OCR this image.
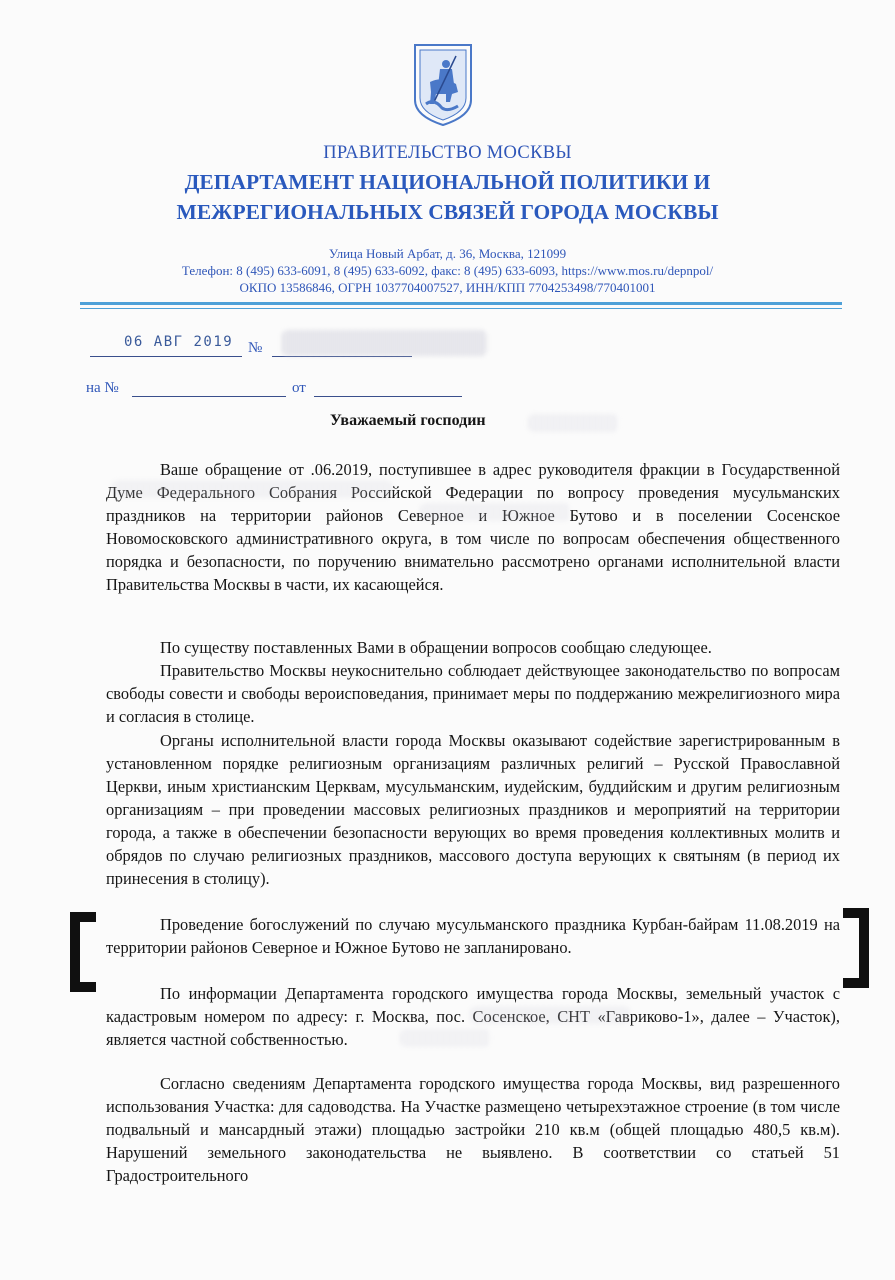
ПРАВИТЕЛЬСТВО МОСКВЫ
ДЕПАРТАМЕНТ НАЦИОНАЛЬНОЙ ПОЛИТИКИ И
МЕЖРЕГИОНАЛЬНЫХ СВЯЗЕЙ ГОРОДА МОСКВЫ
Улица Новый Арбат, д. 36, Москва, 121099
Телефон: 8 (495) 633-6091, 8 (495) 633-6092, факс: 8 (495) 633-6093, https://www.mos.ru/depnpol/
ОКПО 13586846, ОГРН 1037704007527, ИНН/КПП 7704253498/770401001
06 АВГ 2019 №
на №	от
Уважаемый господин

Ваше обращение от .06.2019, поступившее в адрес руководителя фракции в Государственной Думе Федерального Собрания Российской Федерации по вопросу проведения мусульманских праздников на территории районов Северное и Южное Бутово и в поселении Сосенское Новомосковского административного округа, в том числе по вопросам обеспечения общественного порядка и безопасности, по поручению внимательно рассмотрено органами исполнительной власти Правительства Москвы в части, их касающейся.

По существу поставленных Вами в обращении вопросов сообщаю следующее.

Правительство Москвы неукоснительно соблюдает действующее законодательство по вопросам свободы совести и свободы вероисповедания, принимает меры по поддержанию межрелигиозного мира и согласия в столице.

Органы исполнительной власти города Москвы оказывают содействие зарегистрированным в установленном порядке религиозным организациям различных религий – Русской Православной Церкви, иным христианским Церквам, мусульманским, иудейским, буддийским и другим религиозным организациям – при проведении массовых религиозных праздников и мероприятий на территории города, а также в обеспечении безопасности верующих во время проведения коллективных молитв и обрядов по случаю религиозных праздников, массового доступа верующих к святыням (в период их принесения в столицу).

Проведение богослужений по случаю мусульманского праздника Курбан-байрам 11.08.2019 на территории районов Северное и Южное Бутово не запланировано.

По информации Департамента городского имущества города Москвы, земельный участок с кадастровым номером по адресу: г. Москва, пос. Сосенское, СНТ «Гавриково-1», далее – Участок), является частной собственностью.

Согласно сведениям Департамента городского имущества города Москвы, вид разрешенного использования Участка: для садоводства. На Участке размещено четырехэтажное строение (в том числе подвальный и мансардный этажи) площадью застройки 210 кв.м (общей площадью 480,5 кв.м). Нарушений земельного законодательства не выявлено. В соответствии со статьей 51 Градостроительного
